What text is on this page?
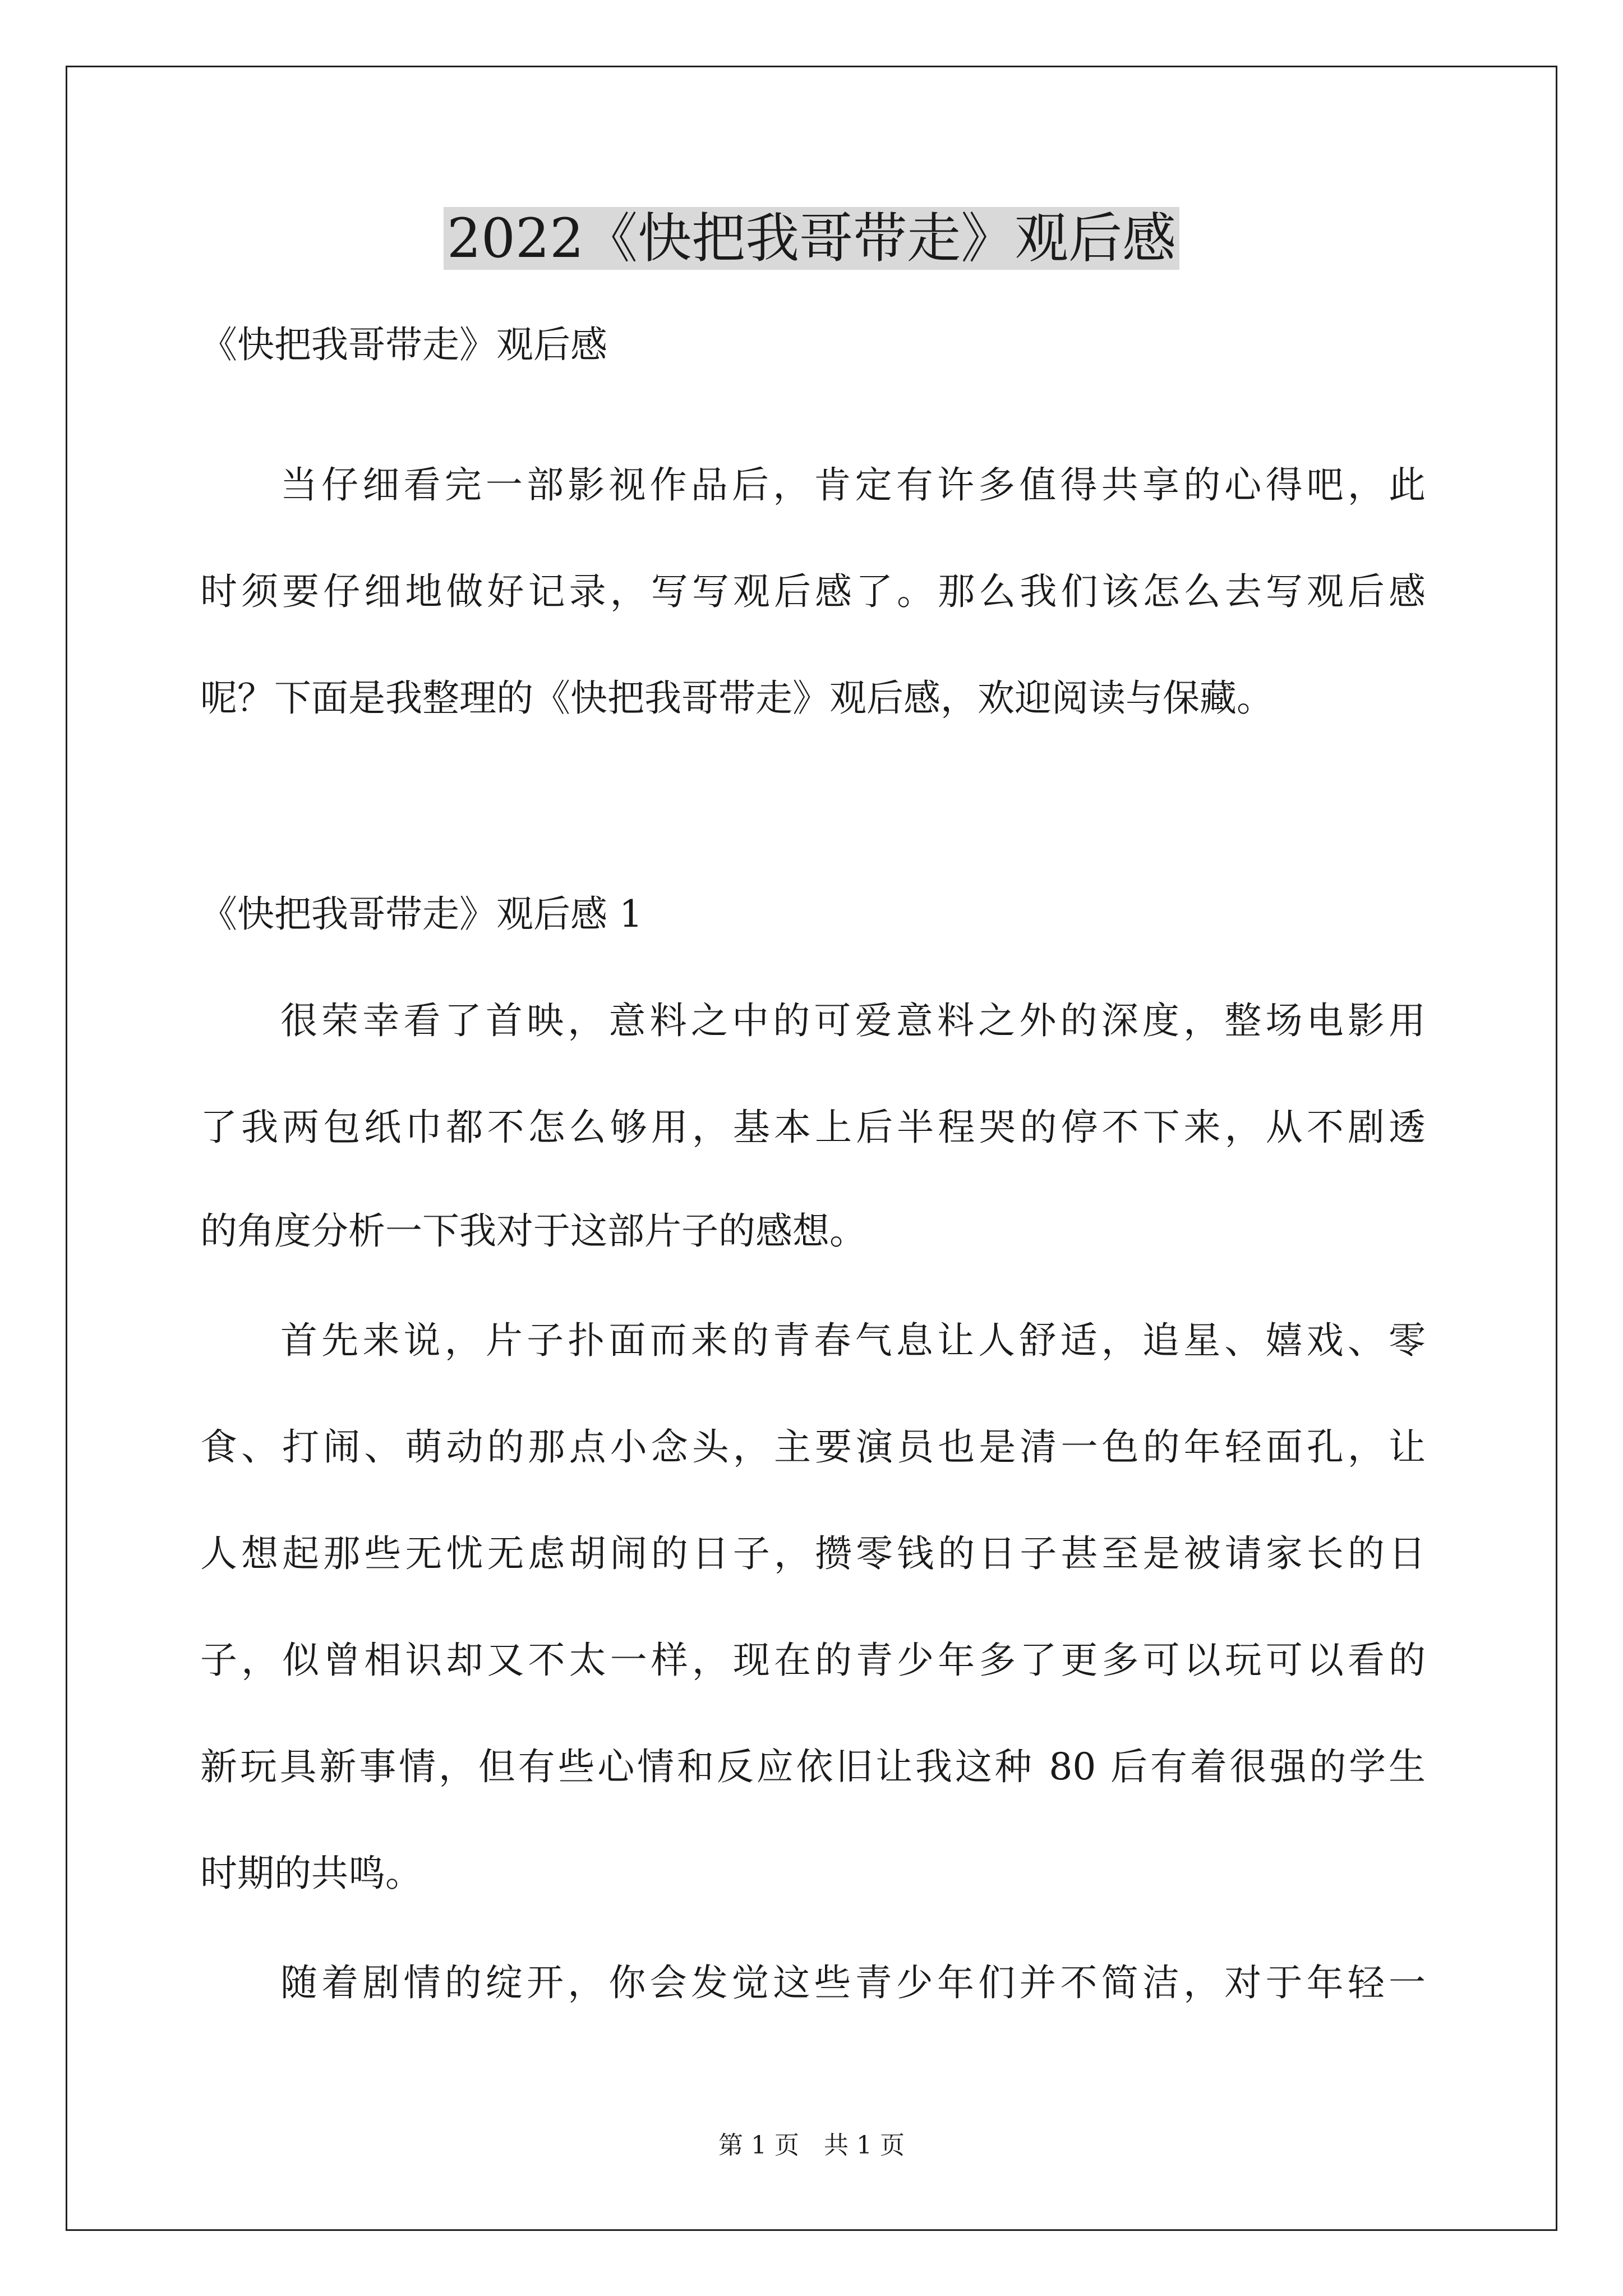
2022《快把我哥带走》观后感
《快把我哥带走》观后感
当仔细看完一部影视作品后，肯定有许多值得共享的心得吧，此
时须要仔细地做好记录，写写观后感了。那么我们该怎么去写观后感
呢？下面是我整理的《快把我哥带走》观后感，欢迎阅读与保藏。
《快把我哥带走》观后感 1
很荣幸看了首映，意料之中的可爱意料之外的深度，整场电影用
了我两包纸巾都不怎么够用，基本上后半程哭的停不下来，从不剧透
的角度分析一下我对于这部片子的感想。
首先来说，片子扑面而来的青春气息让人舒适，追星、嬉戏、零
食、打闹、萌动的那点小念头，主要演员也是清一色的年轻面孔，让
人想起那些无忧无虑胡闹的日子，攒零钱的日子甚至是被请家长的日
子，似曾相识却又不太一样，现在的青少年多了更多可以玩可以看的
新玩具新事情，但有些心情和反应依旧让我这种 80 后有着很强的学生
时期的共鸣。
随着剧情的绽开，你会发觉这些青少年们并不简洁，对于年轻一
第 1 页　共 1 页
